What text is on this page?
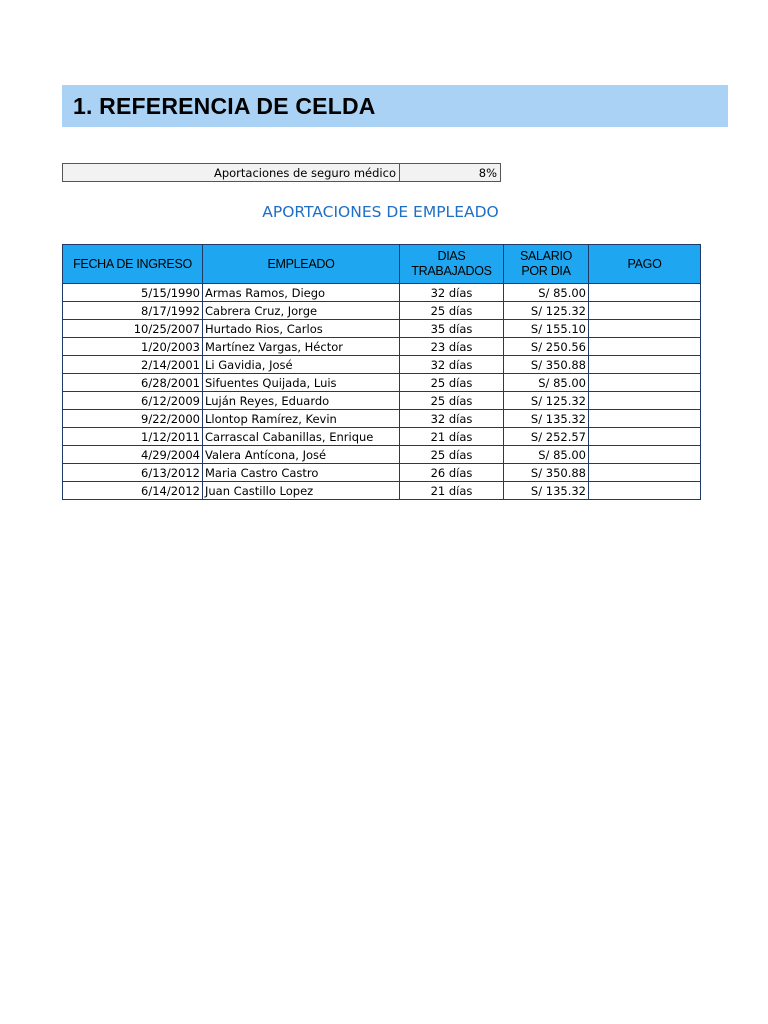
1. REFERENCIA DE CELDA
Aportaciones de seguro médico	8%
APORTACIONES DE EMPLEADO
FECHA DE INGRESO	EMPLEADO	DIAS TRABAJADOS	SALARIO POR DIA	PAGO
5/15/1990	Armas Ramos, Diego	32 días	S/ 85.00	
8/17/1992	Cabrera Cruz, Jorge	25 días	S/ 125.32	
10/25/2007	Hurtado Rios, Carlos	35 días	S/ 155.10	
1/20/2003	Martínez Vargas, Héctor	23 días	S/ 250.56	
2/14/2001	Li Gavidia, José	32 días	S/ 350.88	
6/28/2001	Sifuentes Quijada, Luis	25 días	S/ 85.00	
6/12/2009	Luján Reyes, Eduardo	25 días	S/ 125.32	
9/22/2000	Llontop Ramírez, Kevin	32 días	S/ 135.32	
1/12/2011	Carrascal Cabanillas, Enrique	21 días	S/ 252.57	
4/29/2004	Valera Antícona, José	25 días	S/ 85.00	
6/13/2012	Maria Castro Castro	26 días	S/ 350.88	
6/14/2012	Juan Castillo Lopez	21 días	S/ 135.32	
